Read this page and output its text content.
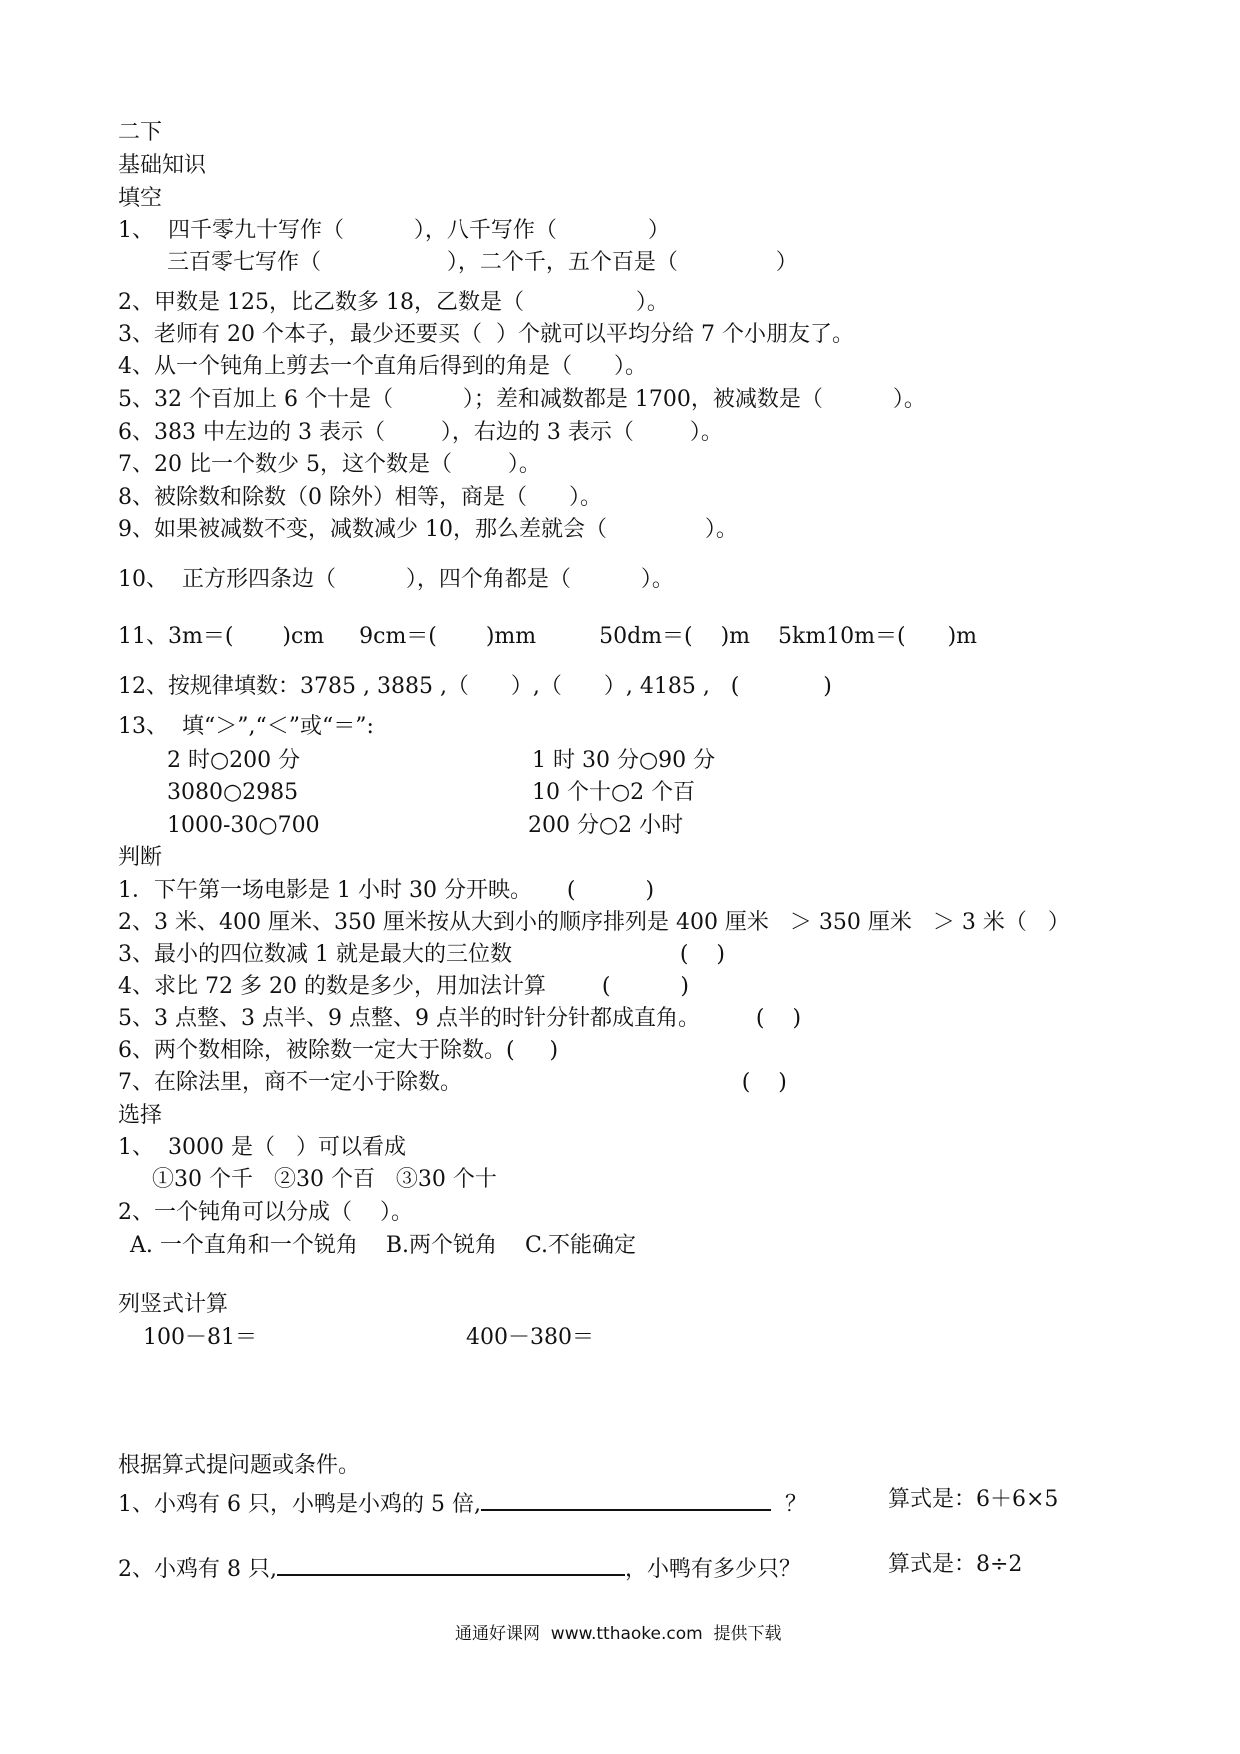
二下
基础知识
填空
1、  四千零九十写作（          ），八千写作（             ）
三百零七写作（                  ），二个千，五个百是（              ）
2、甲数是 125，比乙数多 18，乙数是（                ）。
3、老师有 20 个本子，最少还要买（  ）个就可以平均分给 7 个小朋友了。
4、从一个钝角上剪去一个直角后得到的角是（      ）。
5、32 个百加上 6 个十是（          ）；差和减数都是 1700，被减数是（          ）。
6、383 中左边的 3 表示（        ），右边的 3 表示（        ）。
7、20 比一个数少 5，这个数是（        ）。
8、被除数和除数（0 除外）相等，商是（      ）。
9、如果被减数不变，减数减少 10，那么差就会（              ）。
10、  正方形四条边（          ），四个角都是（          ）。
11、3m＝(       )cm     9cm＝(       )mm         50dm＝(    )m    5km10m＝(      )m
12、按规律填数：3785 , 3885 ,（      ）,（      ）, 4185 ,   (            )
13、  填“＞”,“＜”或“＝”:
2 时○200 分	1 时 30 分○90 分
3080○2985	10 个十○2 个百
1000-30○700	200 分○2 小时
判断
1．下午第一场电影是 1 小时 30 分开映。     (          )
2、3 米、400 厘米、350 厘米按从大到小的顺序排列是 400 厘米   ＞ 350 厘米   ＞ 3 米（   ）
3、最小的四位数减 1 就是最大的三位数                        (    )
4、求比 72 多 20 的数是多少，用加法计算        (          )
5、3 点整、3 点半、9 点整、9 点半的时针分针都成直角。        (    )
6、两个数相除，被除数一定大于除数。(     )
7、在除法里，商不一定小于除数。                                        (    )
选择
1、  3000 是（   ）可以看成
①30 个千   ②30 个百   ③30 个十
2、一个钝角可以分成（    ）。
A. 一个直角和一个锐角    B.两个锐角    C.不能确定
列竖式计算
100－81＝	400－380＝
根据算式提问题或条件。
1、小鸡有 6 只，小鸭是小鸡的 5 倍,	？	算式是：6＋6×5
2、小鸡有 8 只,	，小鸭有多少只？	算式是：8÷2
通通好课网  www.tthaoke.com  提供下载
